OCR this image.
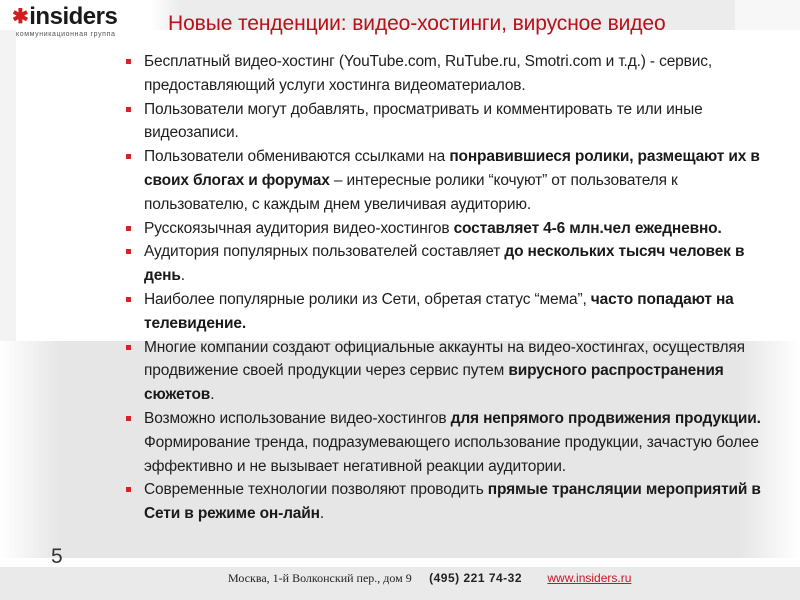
✱ insiders
коммуникационная группа	Новые тенденции: видео-хостинги, вирусное видео
Бесплатный видео-хостинг (YouTube.com, RuTube.ru, Smotri.com и т.д.) - сервис, предоставляющий услуги хостинга видеоматериалов.
Пользователи могут добавлять, просматривать и комментировать те или иные видеозаписи.
Пользователи обмениваются ссылками на понравившиеся ролики, размещают их в своих блогах и форумах – интересные ролики “кочуют” от пользователя к пользователю, с каждым днем увеличивая аудиторию.
Русскоязычная аудитория видео-хостингов составляет 4-6 млн.чел ежедневно.
Аудитория популярных пользователей составляет до нескольких тысяч человек в день.
Наиболее популярные ролики из Сети, обретая статус “мема”, часто попадают на телевидение.
Многие компании создают официальные аккаунты на видео-хостингах, осуществляя продвижение своей продукции через сервис путем вирусного распространения сюжетов.
Возможно использование видео-хостингов для непрямого продвижения продукции. Формирование тренда, подразумевающего использование продукции, зачастую более эффективно и не вызывает негативной реакции аудитории.
Современные технологии позволяют проводить прямые трансляции мероприятий в Сети в режиме он-лайн.
5
Москва, 1-й Волконский пер., дом 9 (495) 221 74-32 www.insiders.ru
